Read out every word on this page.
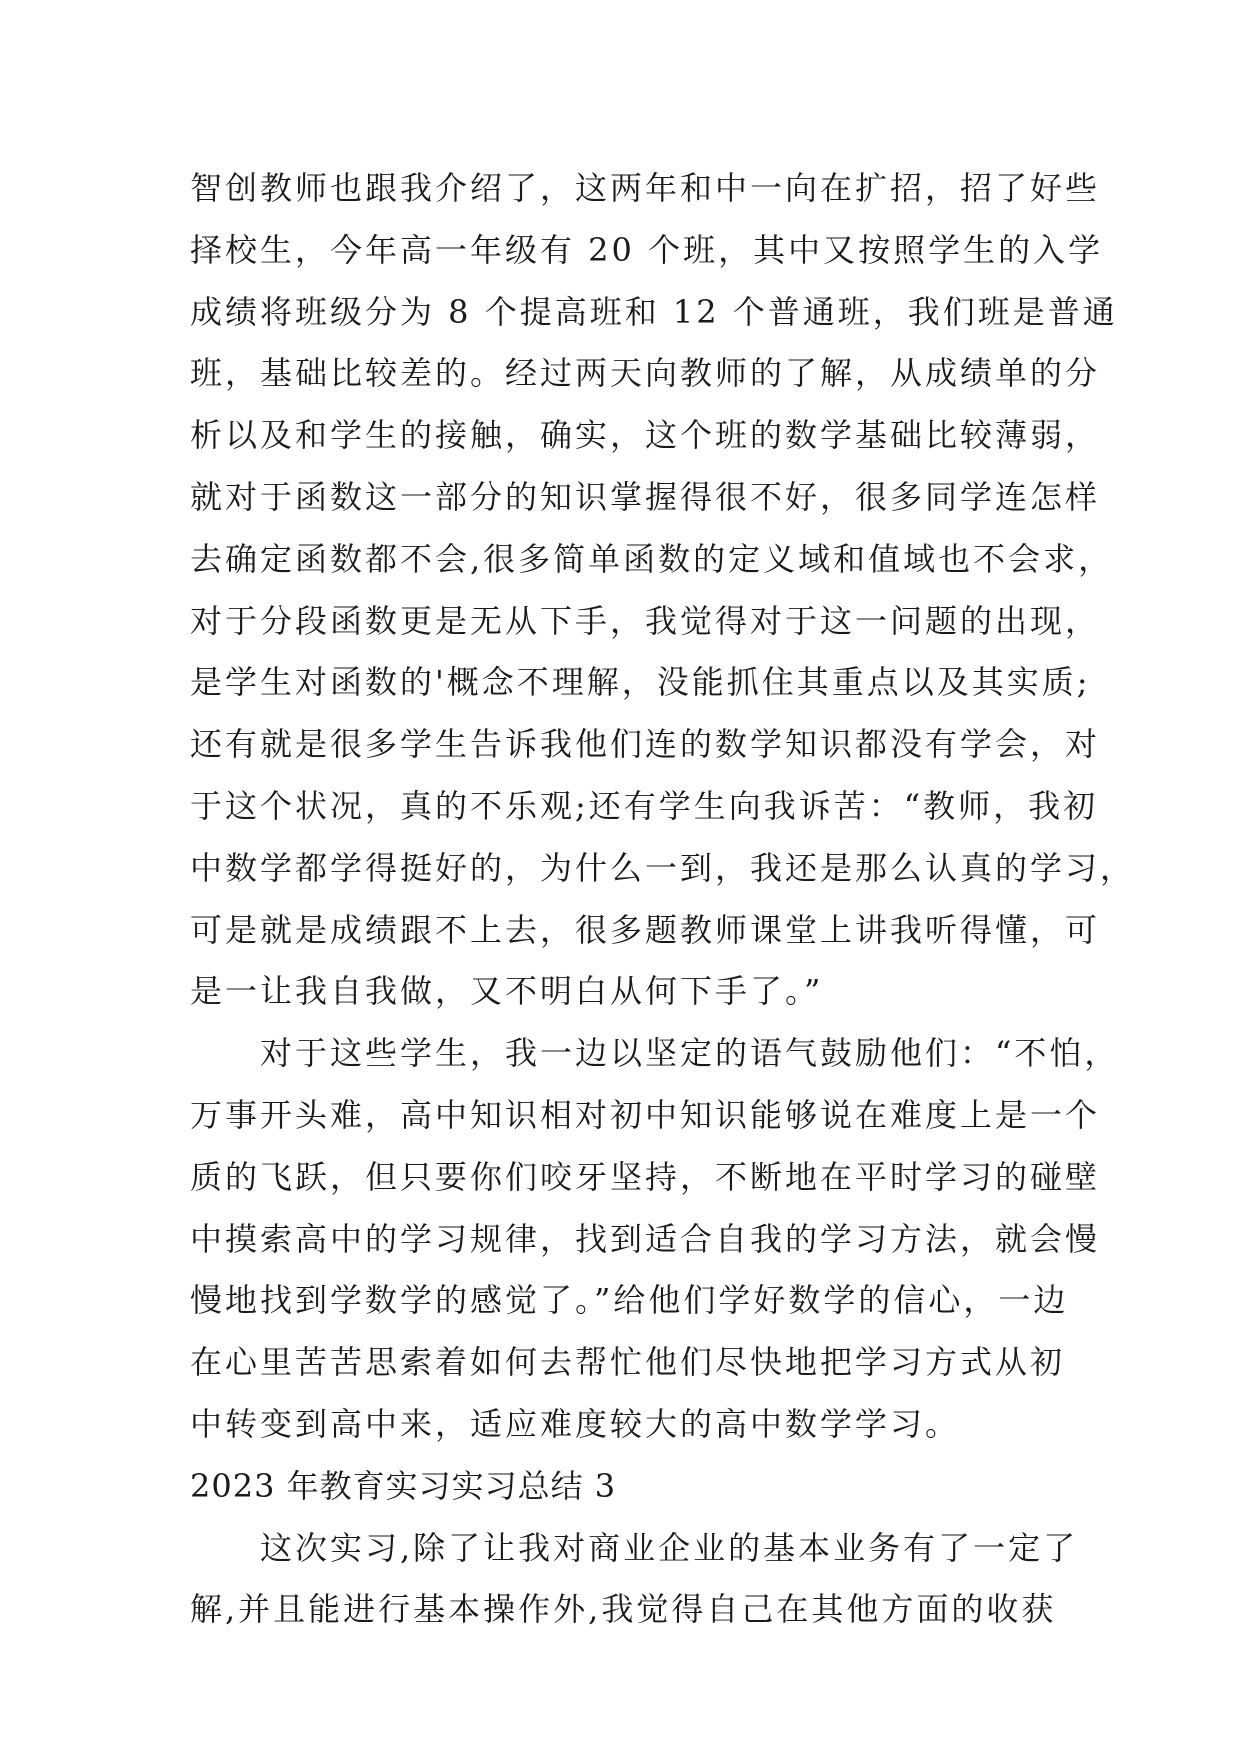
智创教师也跟我介绍了，这两年和中一向在扩招，招了好些
择校生，今年高一年级有 20 个班，其中又按照学生的入学
成绩将班级分为 8 个提高班和 12 个普通班，我们班是普通
班，基础比较差的。经过两天向教师的了解，从成绩单的分
析以及和学生的接触，确实，这个班的数学基础比较薄弱，
就对于函数这一部分的知识掌握得很不好，很多同学连怎样
去确定函数都不会,很多简单函数的定义域和值域也不会求，
对于分段函数更是无从下手，我觉得对于这一问题的出现，
是学生对函数的'概念不理解，没能抓住其重点以及其实质;
还有就是很多学生告诉我他们连的数学知识都没有学会，对
于这个状况，真的不乐观;还有学生向我诉苦：“教师，我初
中数学都学得挺好的，为什么一到，我还是那么认真的学习，
可是就是成绩跟不上去，很多题教师课堂上讲我听得懂，可
是一让我自我做，又不明白从何下手了。”
对于这些学生，我一边以坚定的语气鼓励他们：“不怕，
万事开头难，高中知识相对初中知识能够说在难度上是一个
质的飞跃，但只要你们咬牙坚持，不断地在平时学习的碰壁
中摸索高中的学习规律，找到适合自我的学习方法，就会慢
慢地找到学数学的感觉了。”给他们学好数学的信心，一边
在心里苦苦思索着如何去帮忙他们尽快地把学习方式从初
中转变到高中来，适应难度较大的高中数学学习。
2023 年教育实习实习总结 3
这次实习,除了让我对商业企业的基本业务有了一定了
解,并且能进行基本操作外,我觉得自己在其他方面的收获
